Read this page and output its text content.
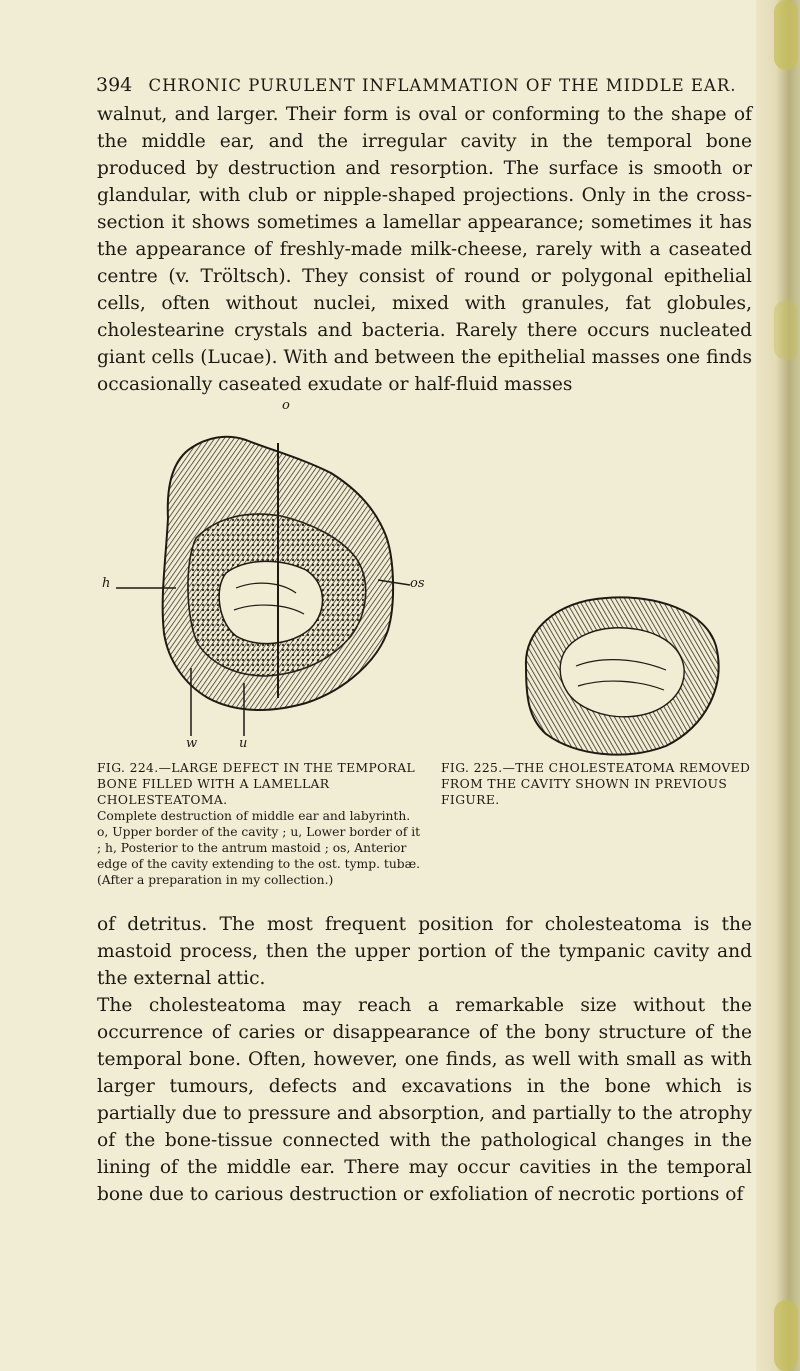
394 CHRONIC PURULENT INFLAMMATION OF THE MIDDLE EAR.

walnut, and larger. Their form is oval or conforming to the shape of the middle ear, and the irregular cavity in the temporal bone produced by destruction and resorption. The surface is smooth or glandular, with club or nipple-shaped projections. Only in the cross-section it shows sometimes a lamellar appearance; sometimes it has the appearance of freshly-made milk-cheese, rarely with a caseated centre (v. Tröltsch). They consist of round or polygonal epithelial cells, often without nuclei, mixed with granules, fat globules, cholestearine crystals and bacteria. Rarely there occurs nucleated giant cells (Lucae). With and between the epithelial masses one finds occasionally caseated exudate or half-fluid masses

o
h	os
w	u
FIG. 224.—LARGE DEFECT IN THE TEMPORAL BONE FILLED WITH A LAMELLAR CHOLESTEATOMA.
Complete destruction of middle ear and labyrinth. o, Upper border of the cavity ; u, Lower border of it ; h, Posterior to the antrum mastoid ; os, Anterior edge of the cavity extending to the ost. tymp. tubæ. (After a preparation in my collection.)
FIG. 225.—THE CHOLESTEATOMA REMOVED FROM THE CAVITY SHOWN IN PREVIOUS FIGURE.

of detritus. The most frequent position for cholesteatoma is the mastoid process, then the upper portion of the tympanic cavity and the external attic.

The cholesteatoma may reach a remarkable size without the occurrence of caries or disappearance of the bony structure of the temporal bone. Often, however, one finds, as well with small as with larger tumours, defects and excavations in the bone which is partially due to pressure and absorption, and partially to the atrophy of the bone-tissue connected with the pathological changes in the lining of the middle ear. There may occur cavities in the temporal bone due to carious destruction or exfoliation of necrotic portions of
